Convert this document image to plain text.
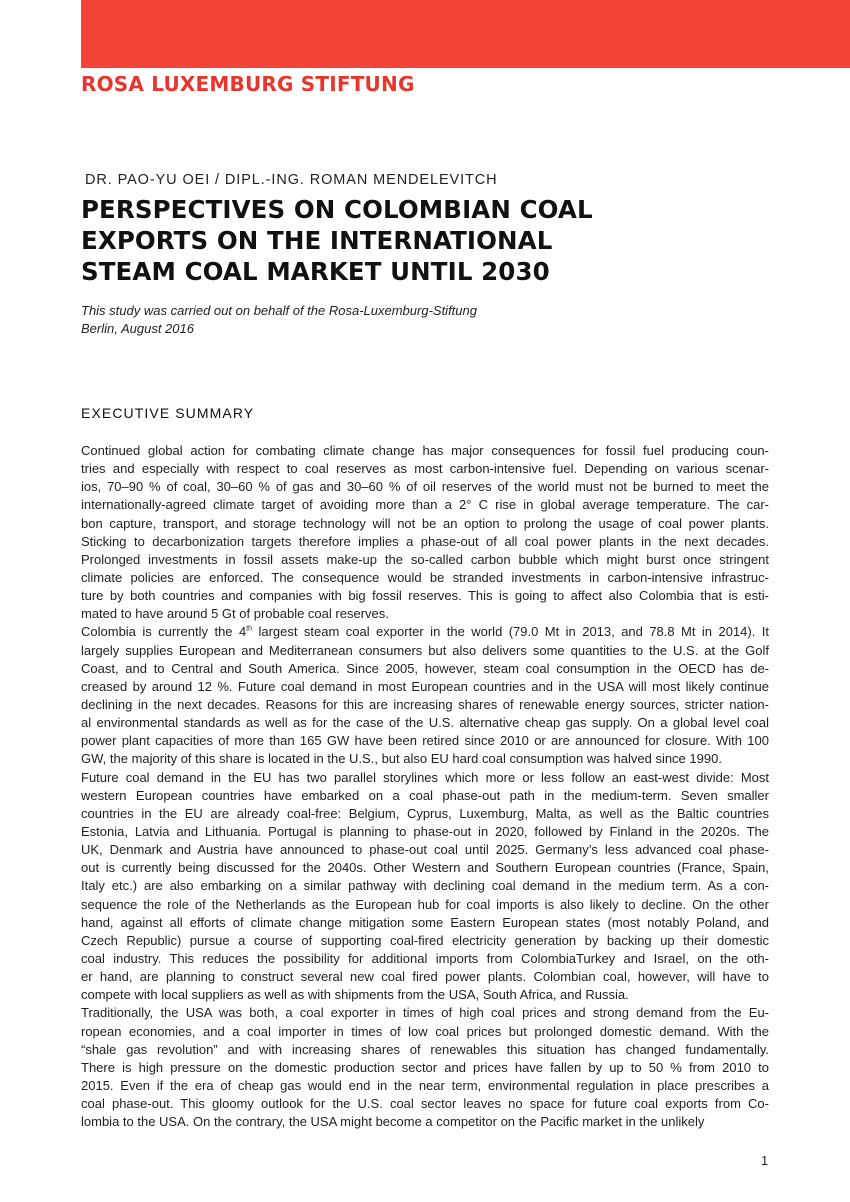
ROSA LUXEMBURG STIFTUNG
DR. PAO-YU OEI / DIPL.-ING. ROMAN MENDELEVITCH
PERSPECTIVES ON COLOMBIAN COAL
EXPORTS ON THE INTERNATIONAL
STEAM COAL MARKET UNTIL 2030
This study was carried out on behalf of the Rosa-Luxemburg-Stiftung
Berlin, August 2016
EXECUTIVE SUMMARY

Continued global action for combating climate change has major consequences for fossil fuel producing coun-
tries and especially with respect to coal reserves as most carbon-intensive fuel. Depending on various scenar-
ios, 70–90 % of coal, 30–60 % of gas and 30–60 % of oil reserves of the world must not be burned to meet the
internationally-agreed climate target of avoiding more than a 2° C rise in global average temperature. The car-
bon capture, transport, and storage technology will not be an option to prolong the usage of coal power plants.
Sticking to decarbonization targets therefore implies a phase-out of all coal power plants in the next decades.
Prolonged investments in fossil assets make-up the so-called carbon bubble which might burst once stringent
climate policies are enforced. The consequence would be stranded investments in carbon-intensive infrastruc-
ture by both countries and companies with big fossil reserves. This is going to affect also Colombia that is esti-
mated to have around 5 Gt of probable coal reserves.

Colombia is currently the 4th largest steam coal exporter in the world (79.0 Mt in 2013, and 78.8 Mt in 2014). It
largely supplies European and Mediterranean consumers but also delivers some quantities to the U.S. at the Golf
Coast, and to Central and South America. Since 2005, however, steam coal consumption in the OECD has de-
creased by around 12 %. Future coal demand in most European countries and in the USA will most likely continue
declining in the next decades. Reasons for this are increasing shares of renewable energy sources, stricter nation-
al environmental standards as well as for the case of the U.S. alternative cheap gas supply. On a global level coal
power plant capacities of more than 165 GW have been retired since 2010 or are announced for closure. With 100
GW, the majority of this share is located in the U.S., but also EU hard coal consumption was halved since 1990.

Future coal demand in the EU has two parallel storylines which more or less follow an east-west divide: Most
western European countries have embarked on a coal phase-out path in the medium-term. Seven smaller
countries in the EU are already coal-free: Belgium, Cyprus, Luxemburg, Malta, as well as the Baltic countries
Estonia, Latvia and Lithuania. Portugal is planning to phase-out in 2020, followed by Finland in the 2020s. The
UK, Denmark and Austria have announced to phase-out coal until 2025. Germany’s less advanced coal phase-
out is currently being discussed for the 2040s. Other Western and Southern European countries (France, Spain,
Italy etc.) are also embarking on a similar pathway with declining coal demand in the medium term. As a con-
sequence the role of the Netherlands as the European hub for coal imports is also likely to decline. On the other
hand, against all efforts of climate change mitigation some Eastern European states (most notably Poland, and
Czech Republic) pursue a course of supporting coal-fired electricity generation by backing up their domestic
coal industry. This reduces the possibility for additional imports from ColombiaTurkey and Israel, on the oth-
er hand, are planning to construct several new coal fired power plants. Colombian coal, however, will have to
compete with local suppliers as well as with shipments from the USA, South Africa, and Russia.

Traditionally, the USA was both, a coal exporter in times of high coal prices and strong demand from the Eu-
ropean economies, and a coal importer in times of low coal prices but prolonged domestic demand. With the
“shale gas revolution” and with increasing shares of renewables this situation has changed fundamentally.
There is high pressure on the domestic production sector and prices have fallen by up to 50 % from 2010 to
2015. Even if the era of cheap gas would end in the near term, environmental regulation in place prescribes a
coal phase-out. This gloomy outlook for the U.S. coal sector leaves no space for future coal exports from Co-
lombia to the USA. On the contrary, the USA might become a competitor on the Pacific market in the unlikely

1
